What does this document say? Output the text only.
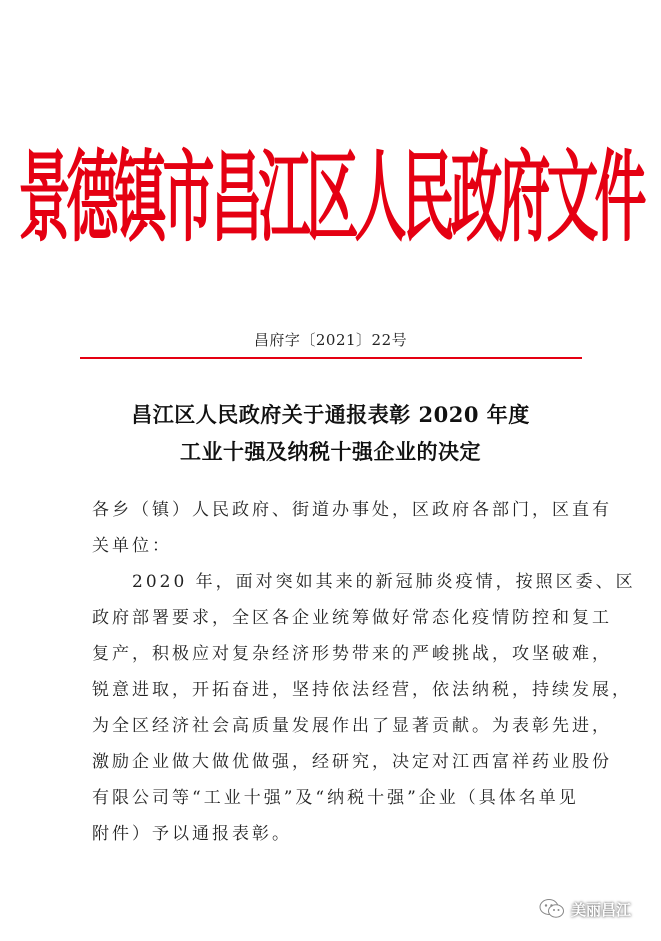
景德镇市昌江区人民政府文件
昌府字〔2021〕22号
昌江区人民政府关于通报表彰 2020 年度
工业十强及纳税十强企业的决定
各乡（镇）人民政府、街道办事处，区政府各部门，区直有
关单位：
　　2020 年，面对突如其来的新冠肺炎疫情，按照区委、区
政府部署要求，全区各企业统筹做好常态化疫情防控和复工
复产，积极应对复杂经济形势带来的严峻挑战，攻坚破难，
锐意进取，开拓奋进，坚持依法经营，依法纳税，持续发展，
为全区经济社会高质量发展作出了显著贡献。为表彰先进，
激励企业做大做优做强，经研究，决定对江西富祥药业股份
有限公司等“工业十强”及“纳税十强”企业（具体名单见
附件）予以通报表彰。
美丽昌江
